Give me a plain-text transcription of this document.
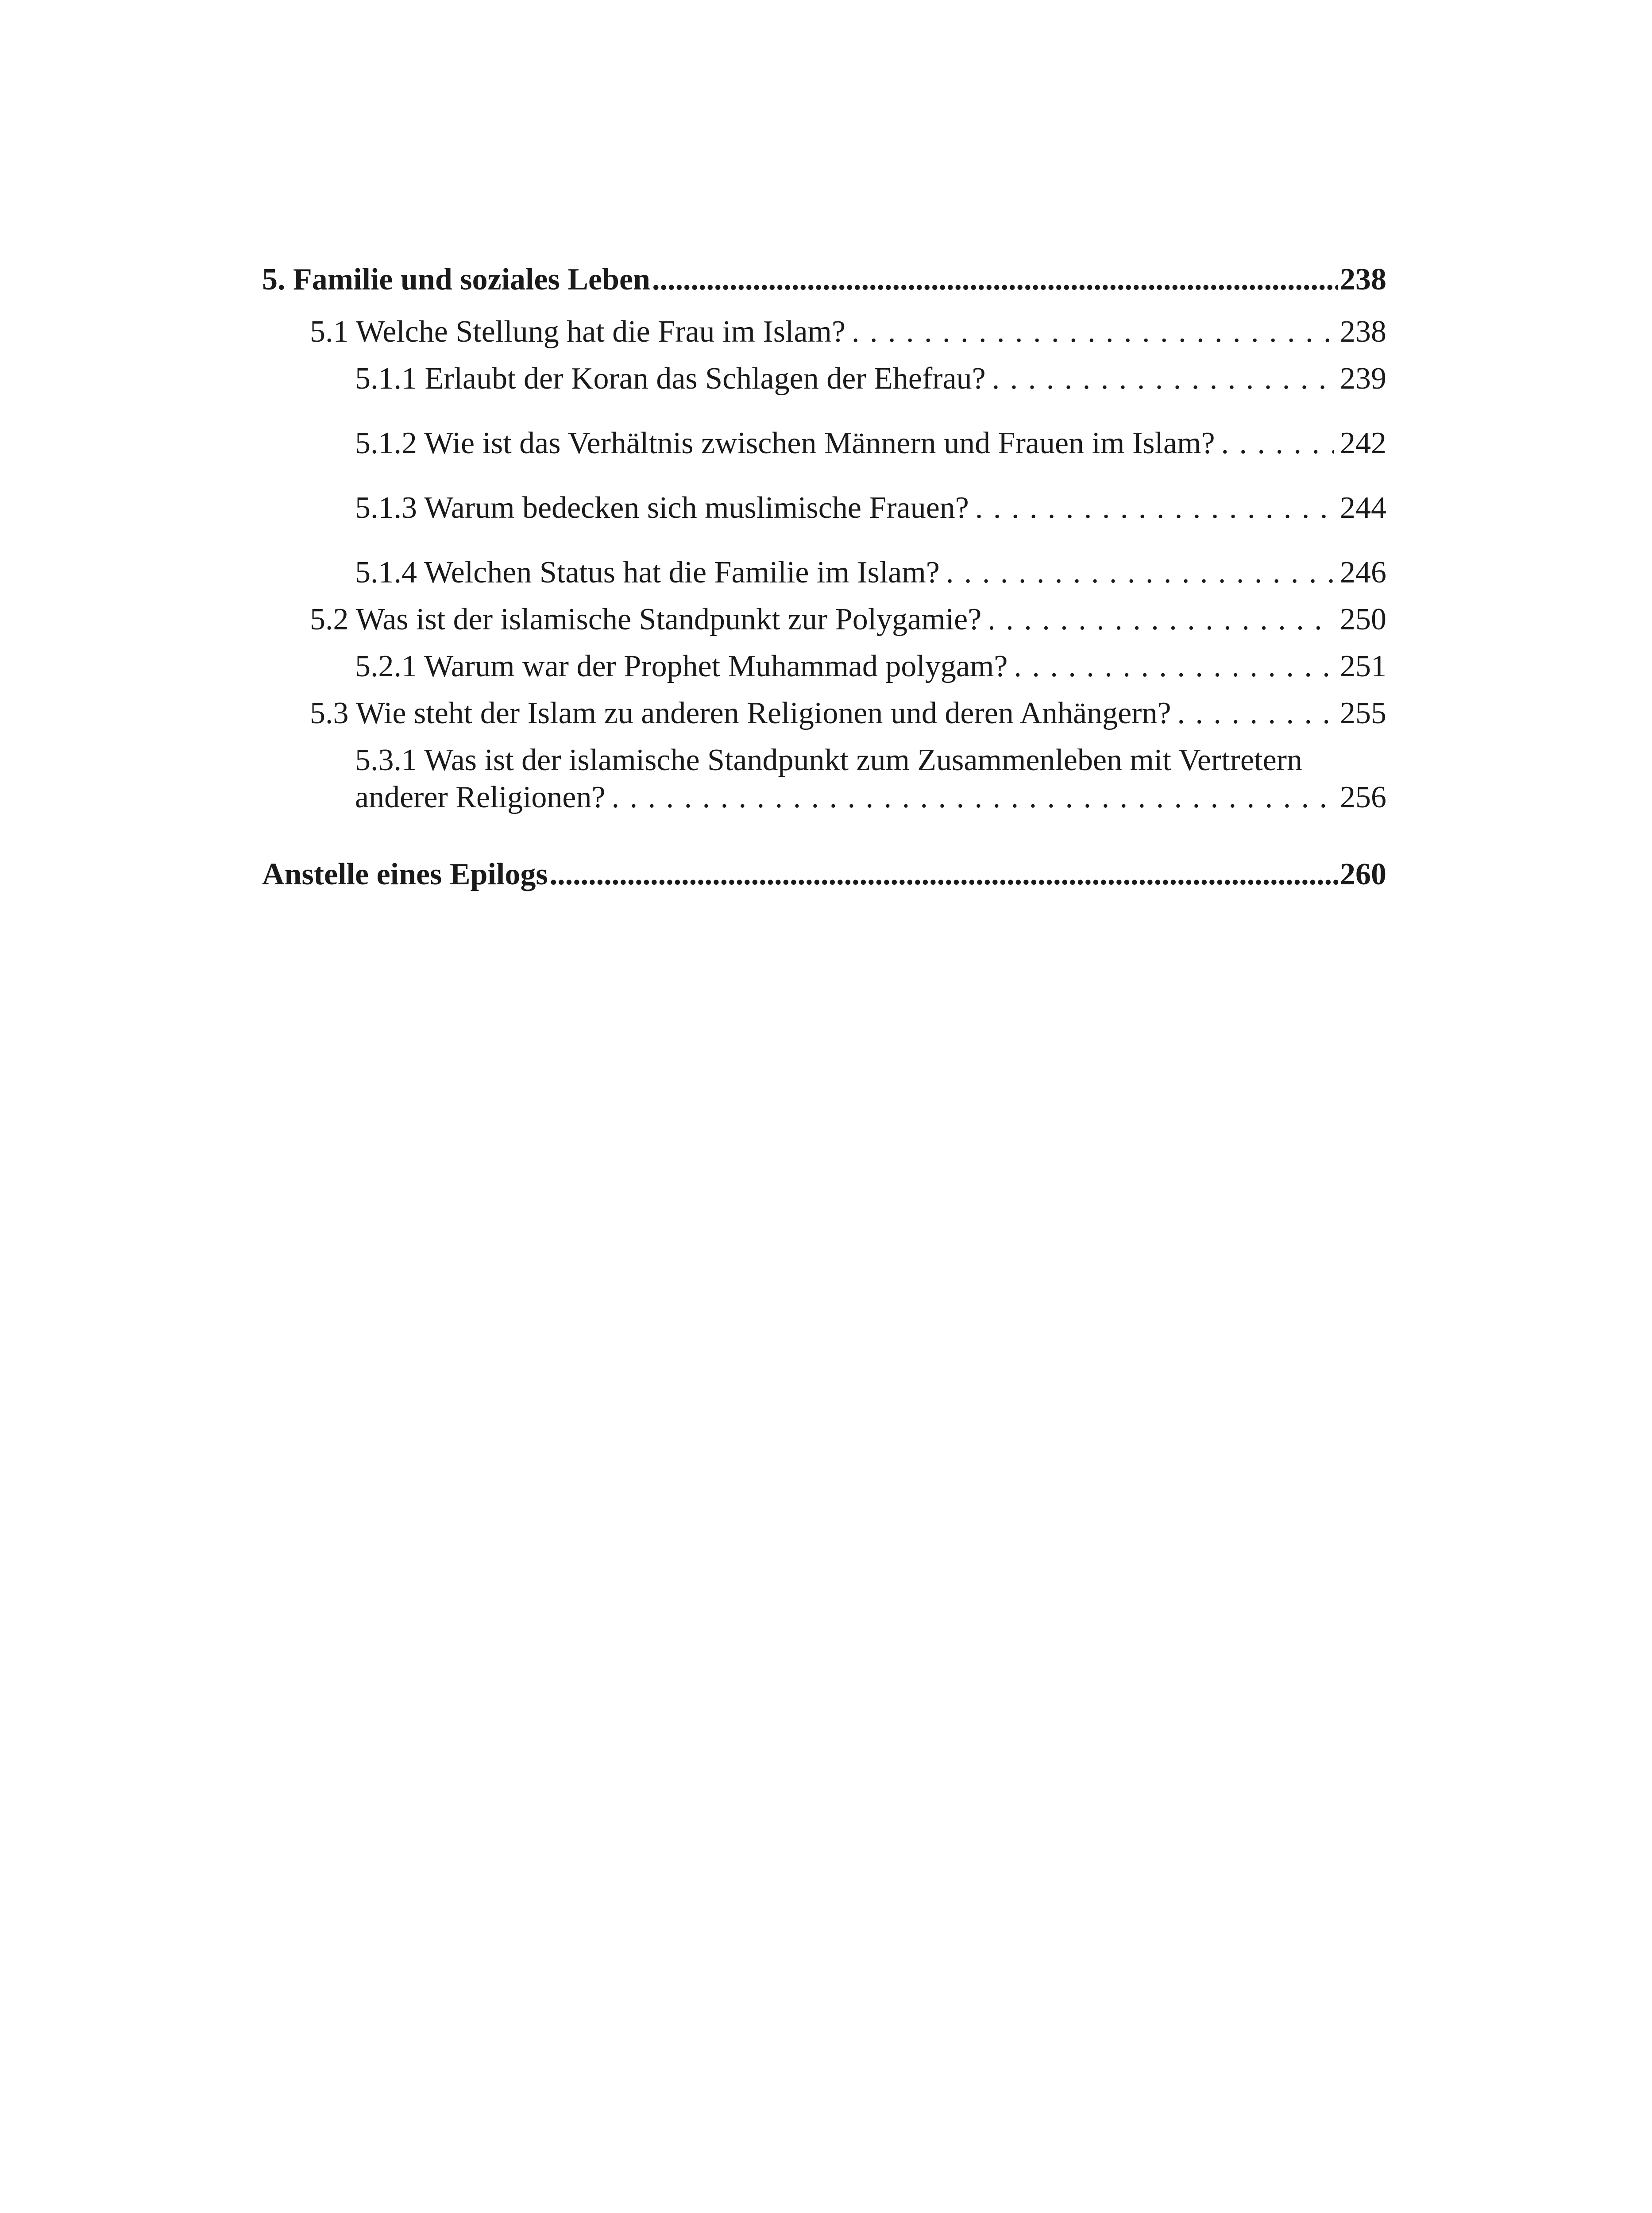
5. Familie und soziales Leben .....	238
5.1 Welche Stellung hat die Frau im Islam? . . .	238
5.1.1 Erlaubt der Koran das Schlagen der Ehefrau? . . .	239
5.1.2 Wie ist das Verhältnis zwischen Männern und Frauen im Islam? . . .	242
5.1.3 Warum bedecken sich muslimische Frauen? . . .	244
5.1.4 Welchen Status hat die Familie im Islam? . . .	246
5.2 Was ist der islamische Standpunkt zur Polygamie? . . .	250
5.2.1 Warum war der Prophet Muhammad polygam? . . .	251
5.3 Wie steht der Islam zu anderen Religionen und deren Anhängern? . . .	255
5.3.1 Was ist der islamische Standpunkt zum Zusammenleben mit Vertretern
anderer Religionen? . . .	256
Anstelle eines Epilogs .....	260
